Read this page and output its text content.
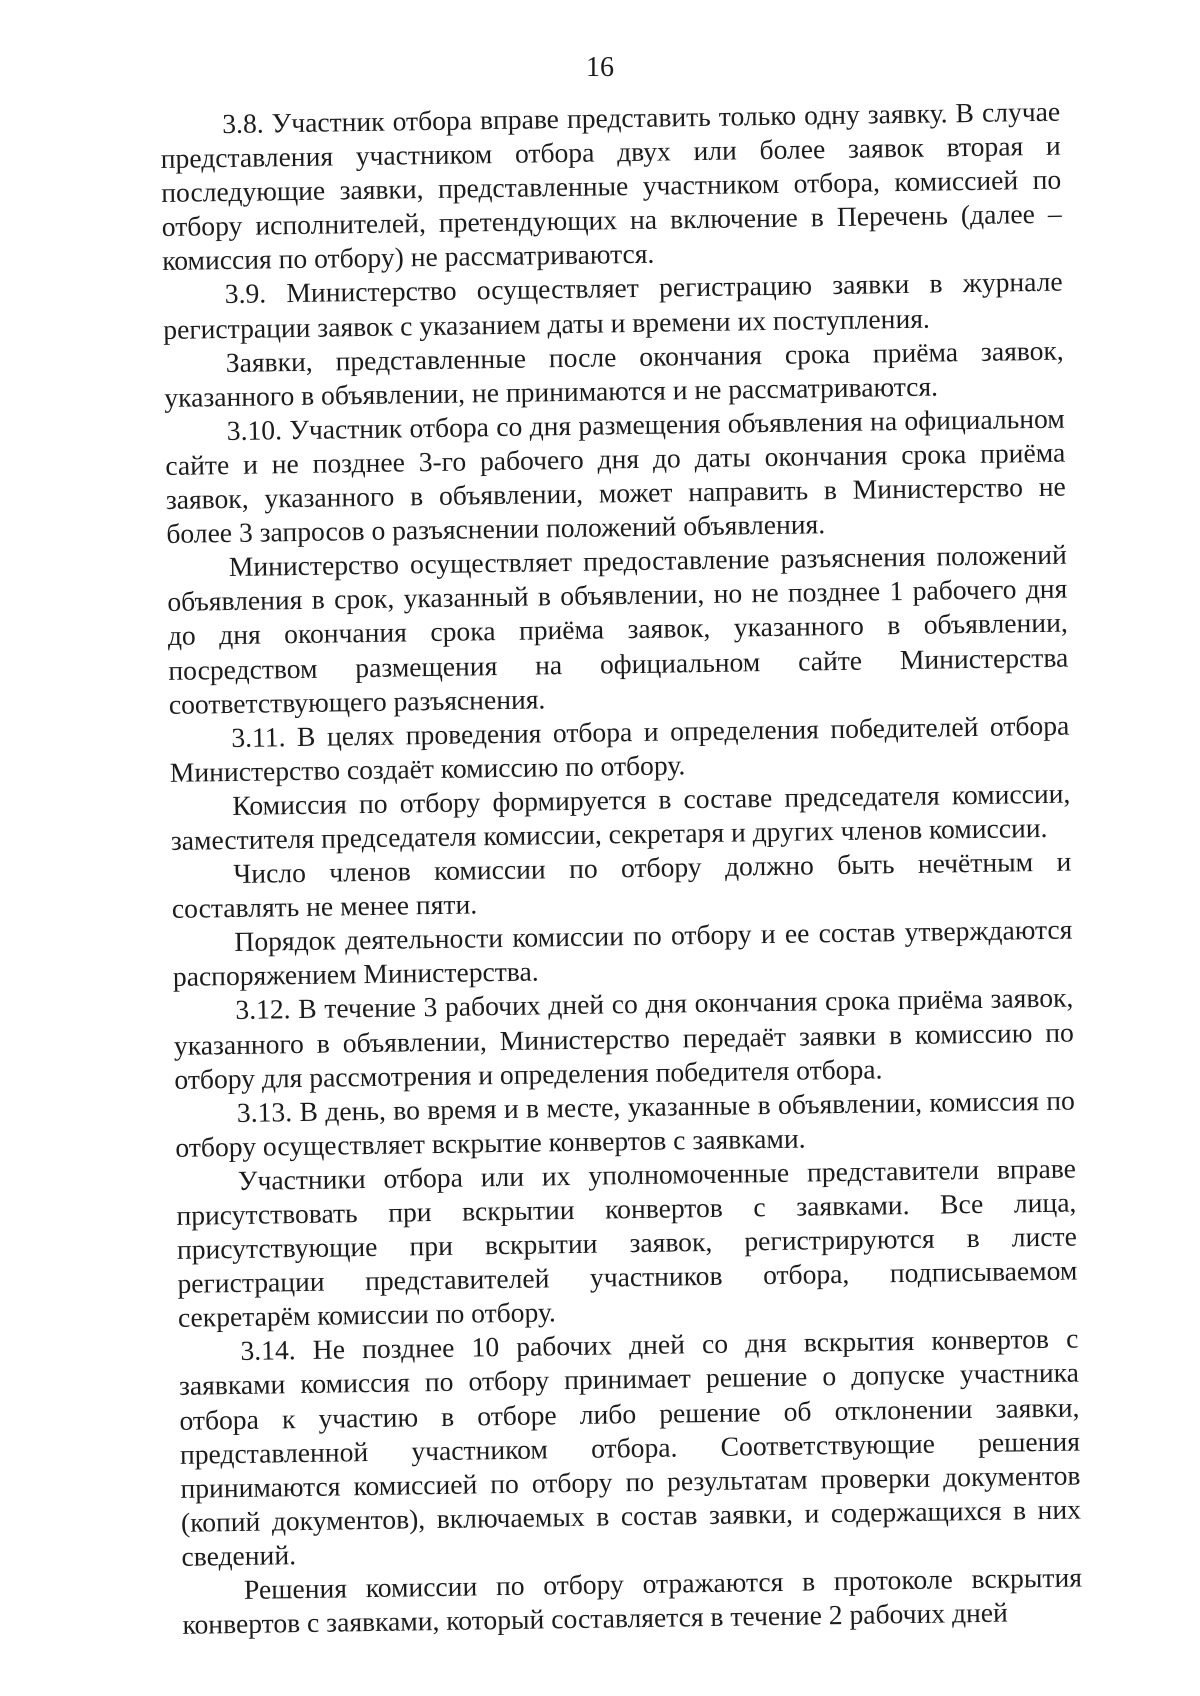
16

3.8. Участник отбора вправе представить только одну заявку. В случае представления участником отбора двух или более заявок вторая и последующие заявки, представленные участником отбора, комиссией по отбору исполнителей, претендующих на включение в Перечень (далее – комиссия по отбору) не рассматриваются.

3.9. Министерство осуществляет регистрацию заявки в журнале регистрации заявок с указанием даты и времени их поступления.

Заявки, представленные после окончания срока приёма заявок, указанного в объявлении, не принимаются и не рассматриваются.

3.10. Участник отбора со дня размещения объявления на официальном сайте и не позднее 3-го рабочего дня до даты окончания срока приёма заявок, указанного в объявлении, может направить в Министерство не более 3 запросов о разъяснении положений объявления.

Министерство осуществляет предоставление разъяснения положений объявления в срок, указанный в объявлении, но не позднее 1 рабочего дня до дня окончания срока приёма заявок, указанного в объявлении, посредством размещения на официальном сайте Министерства соответствующего разъяснения.

3.11. В целях проведения отбора и определения победителей отбора Министерство создаёт комиссию по отбору.

Комиссия по отбору формируется в составе председателя комиссии, заместителя председателя комиссии, секретаря и других членов комиссии.

Число членов комиссии по отбору должно быть нечётным и составлять не менее пяти.

Порядок деятельности комиссии по отбору и ее состав утверждаются распоряжением Министерства.

3.12. В течение 3 рабочих дней со дня окончания срока приёма заявок, указанного в объявлении, Министерство передаёт заявки в комиссию по отбору для рассмотрения и определения победителя отбора.

3.13. В день, во время и в месте, указанные в объявлении, комиссия по отбору осуществляет вскрытие конвертов с заявками.

Участники отбора или их уполномоченные представители вправе присутствовать при вскрытии конвертов с заявками. Все лица, присутствующие при вскрытии заявок, регистрируются в листе регистрации представителей участников отбора, подписываемом секретарём комиссии по отбору.

3.14. Не позднее 10 рабочих дней со дня вскрытия конвертов с заявками комиссия по отбору принимает решение о допуске участника отбора к участию в отборе либо решение об отклонении заявки, представленной участником отбора. Соответствующие решения принимаются комиссией по отбору по результатам проверки документов (копий документов), включаемых в состав заявки, и содержащихся в них сведений.

Решения комиссии по отбору отражаются в протоколе вскрытия конвертов с заявками, который составляется в течение 2 рабочих дней
